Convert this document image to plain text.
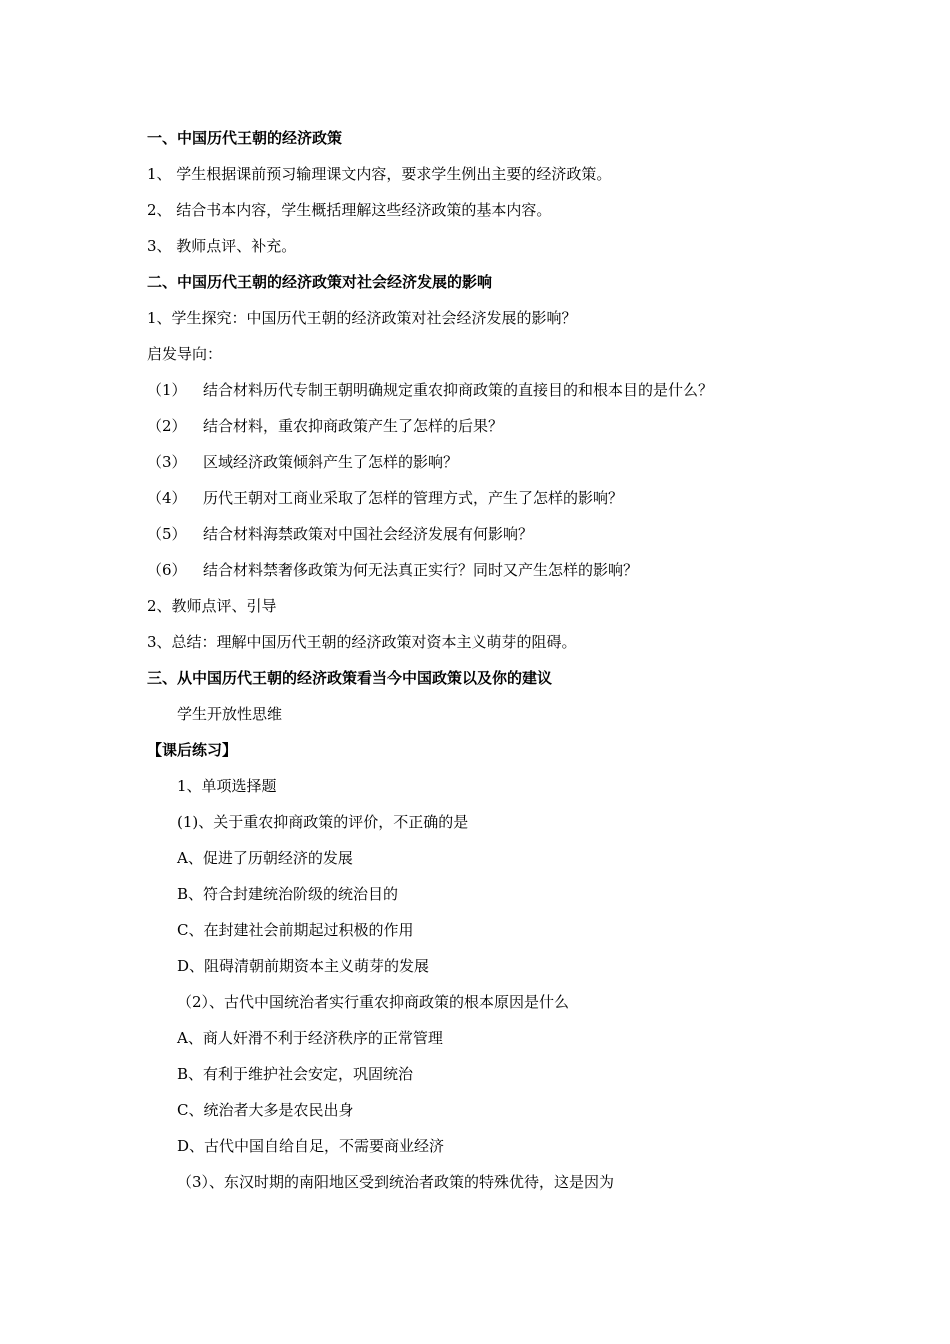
一、中国历代王朝的经济政策
1、 学生根据课前预习输理课文内容，要求学生例出主要的经济政策。
2、 结合书本内容，学生概括理解这些经济政策的基本内容。
3、 教师点评、补充。
二、中国历代王朝的经济政策对社会经济发展的影响
1、学生探究：中国历代王朝的经济政策对社会经济发展的影响？
启发导向：
（1） 结合材料历代专制王朝明确规定重农抑商政策的直接目的和根本目的是什么？
（2） 结合材料，重农抑商政策产生了怎样的后果？
（3） 区域经济政策倾斜产生了怎样的影响？
（4） 历代王朝对工商业采取了怎样的管理方式，产生了怎样的影响？
（5） 结合材料海禁政策对中国社会经济发展有何影响？
（6） 结合材料禁奢侈政策为何无法真正实行？同时又产生怎样的影响？
2、教师点评、引导
3、总结：理解中国历代王朝的经济政策对资本主义萌芽的阻碍。
三、从中国历代王朝的经济政策看当今中国政策以及你的建议
学生开放性思维
【课后练习】
1、单项选择题
(1)、关于重农抑商政策的评价，不正确的是
A、促进了历朝经济的发展
B、符合封建统治阶级的统治目的
C、在封建社会前期起过积极的作用
D、阻碍清朝前期资本主义萌芽的发展
（2）、古代中国统治者实行重农抑商政策的根本原因是什么
A、商人奸滑不利于经济秩序的正常管理
B、有利于维护社会安定，巩固统治
C、统治者大多是农民出身
D、古代中国自给自足，不需要商业经济
（3）、东汉时期的南阳地区受到统治者政策的特殊优待，这是因为
